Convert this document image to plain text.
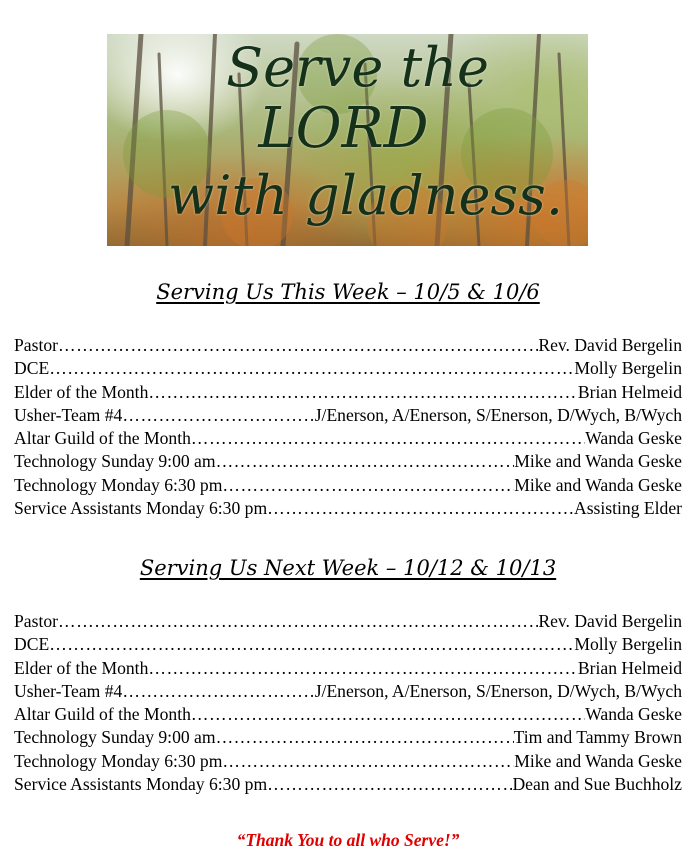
Serve the
LORD
with gladness.
Serving Us This Week – 10/5 & 10/6
Pastor ……………………………………………………………………………………………………………………………………	Rev. David Bergelin
DCE ……………………………………………………………………………………………………………………………………	Molly Bergelin
Elder of the Month ……………………………………………………………………………………………………………………………………	Brian Helmeid
Usher-Team #4 ……………………………………………………………………………………………………………………………………	J/Enerson, A/Enerson, S/Enerson, D/Wych, B/Wych
Altar Guild of the Month ……………………………………………………………………………………………………………………………………	Wanda Geske
Technology Sunday 9:00 am ……………………………………………………………………………………………………………………………………	Mike and Wanda Geske
Technology Monday 6:30 pm ……………………………………………………………………………………………………………………………………	Mike and Wanda Geske
Service Assistants Monday 6:30 pm ……………………………………………………………………………………………………………………………………	Assisting Elder
Serving Us Next Week – 10/12 & 10/13
Pastor ……………………………………………………………………………………………………………………………………	Rev. David Bergelin
DCE ……………………………………………………………………………………………………………………………………	Molly Bergelin
Elder of the Month ……………………………………………………………………………………………………………………………………	Brian Helmeid
Usher-Team #4 ……………………………………………………………………………………………………………………………………	J/Enerson, A/Enerson, S/Enerson, D/Wych, B/Wych
Altar Guild of the Month ……………………………………………………………………………………………………………………………………	Wanda Geske
Technology Sunday 9:00 am ……………………………………………………………………………………………………………………………………	Tim and Tammy Brown
Technology Monday 6:30 pm ……………………………………………………………………………………………………………………………………	Mike and Wanda Geske
Service Assistants Monday 6:30 pm ……………………………………………………………………………………………………………………………………	Dean and Sue Buchholz
“Thank You to all who Serve!”
